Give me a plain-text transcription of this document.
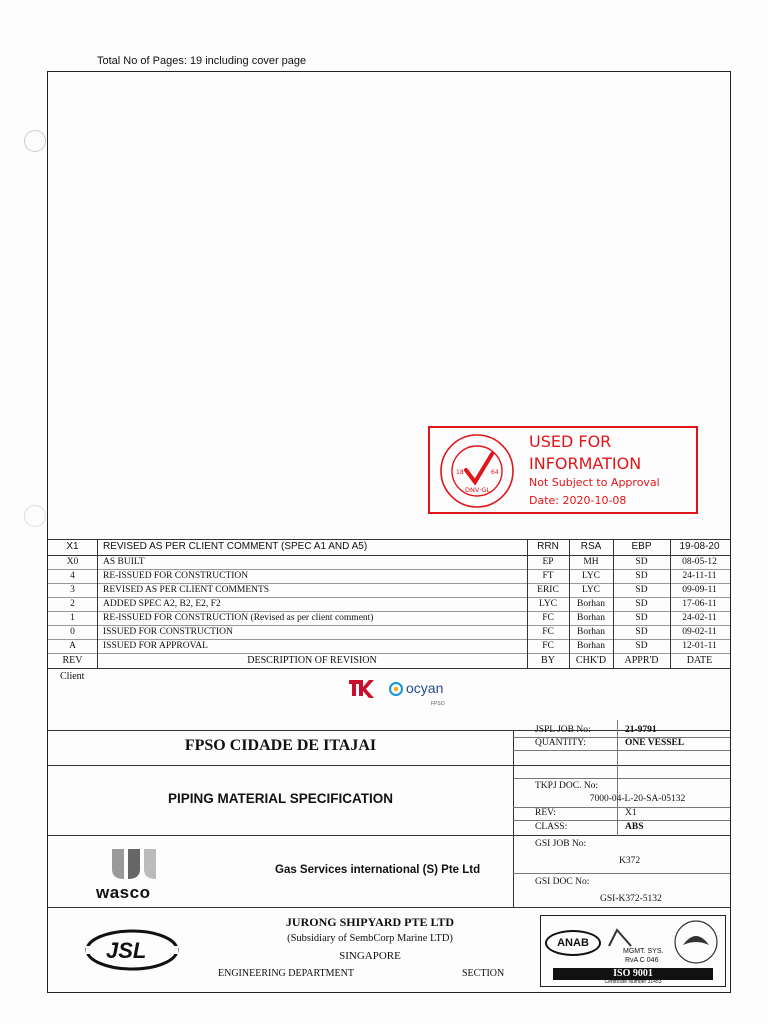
Total No of Pages: 19 including cover page
18	64
DNV·GL
USED FOR
INFORMATION
Not Subject to Approval
Date: 2020-10-08
X1	REVISED AS PER CLIENT COMMENT (SPEC A1 AND A5)	RRN	RSA	EBP	19-08-20
X0	AS BUILT	EP	MH	SD	08-05-12
4	RE-ISSUED FOR CONSTRUCTION	FT	LYC	SD	24-11-11
3	REVISED AS PER CLIENT COMMENTS	ERIC	LYC	SD	09-09-11
2	ADDED SPEC A2, B2, E2, F2	LYC	Borhan	SD	17-06-11
1	RE-ISSUED FOR CONSTRUCTION (Revised as per client comment)	FC	Borhan	SD	24-02-11
0	ISSUED FOR CONSTRUCTION	FC	Borhan	SD	09-02-11
A	ISSUED FOR APPROVAL	FC	Borhan	SD	12-01-11
REV	DESCRIPTION OF REVISION	BY	CHK'D	APPR'D	DATE
Client
ocyan
FPSO
FPSO CIDADE DE ITAJAI
PIPING MATERIAL SPECIFICATION
JSPL JOB No:	21-9791
QUANTITY:	ONE VESSEL
TKPJ DOC. No:
7000-04-L-20-SA-05132
REV:	X1
CLASS:	ABS
GSI JOB No:
K372
GSI DOC No:
GSI-K372-5132
wasco
Gas Services international (S) Pte Ltd
JSL
JURONG SHIPYARD PTE LTD
(Subsidiary of SembCorp Marine LTD)
SINGAPORE
ENGINEERING DEPARTMENT	SECTION
ANAB
MGMT. SYS.
RvA C 046
ISO 9001
Certificate Number 31453
